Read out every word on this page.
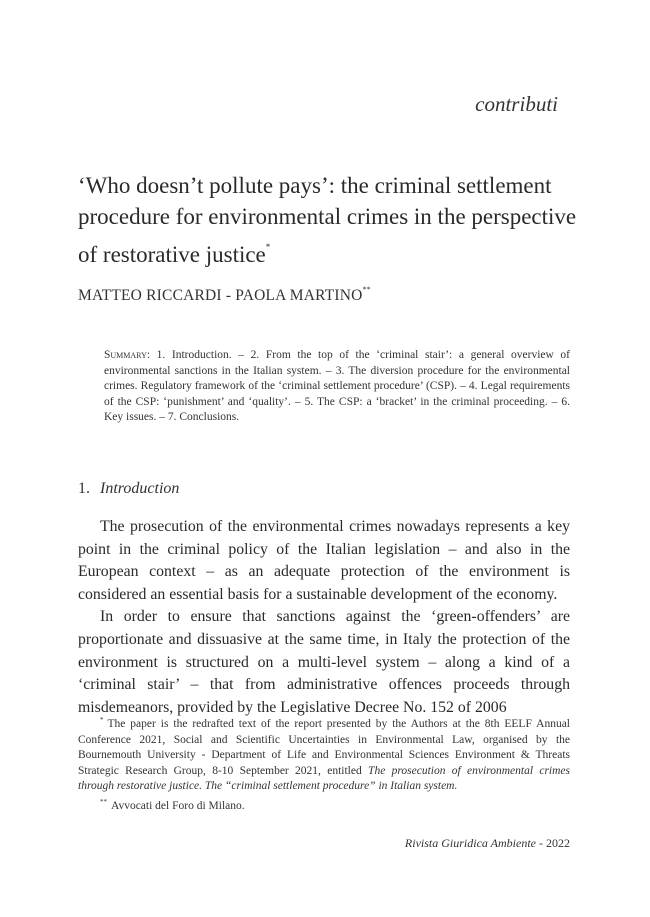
contributi
‘Who doesn’t pollute pays’: the criminal settlement procedure for environmental crimes in the perspective of restorative justice*
MATTEO RICCARDI - PAOLA MARTINO**
Summary: 1. Introduction. – 2. From the top of the ‘criminal stair’: a general overview of environmental sanctions in the Italian system. – 3. The diversion procedure for the environmental crimes. Regulatory framework of the ‘criminal settlement procedure’ (CSP). – 4. Legal requirements of the CSP: ‘punishment’ and ‘quality’. – 5. The CSP: a ‘bracket’ in the criminal proceeding. – 6. Key issues. – 7. Conclusions.
1. Introduction

The prosecution of the environmental crimes nowadays represents a key point in the criminal policy of the Italian legislation – and also in the European context – as an adequate protection of the environment is considered an essential basis for a sustainable development of the economy.

In order to ensure that sanctions against the ‘green-offenders’ are proportionate and dissuasive at the same time, in Italy the protection of the environment is structured on a multi-level system – along a kind of a ‘criminal stair’ – that from administrative offences proceeds through misdemeanors, provided by the Legislative Decree No. 152 of 2006

* The paper is the redrafted text of the report presented by the Authors at the 8th EELF Annual Conference 2021, Social and Scientific Uncertainties in Environmental Law, organised by the Bournemouth University - Department of Life and Environmental Sciences Environment & Threats Strategic Research Group, 8-10 September 2021, entitled The prosecution of environmental crimes through restorative justice. The “criminal settlement procedure” in Italian system.

** Avvocati del Foro di Milano.

Rivista Giuridica Ambiente - 2022
